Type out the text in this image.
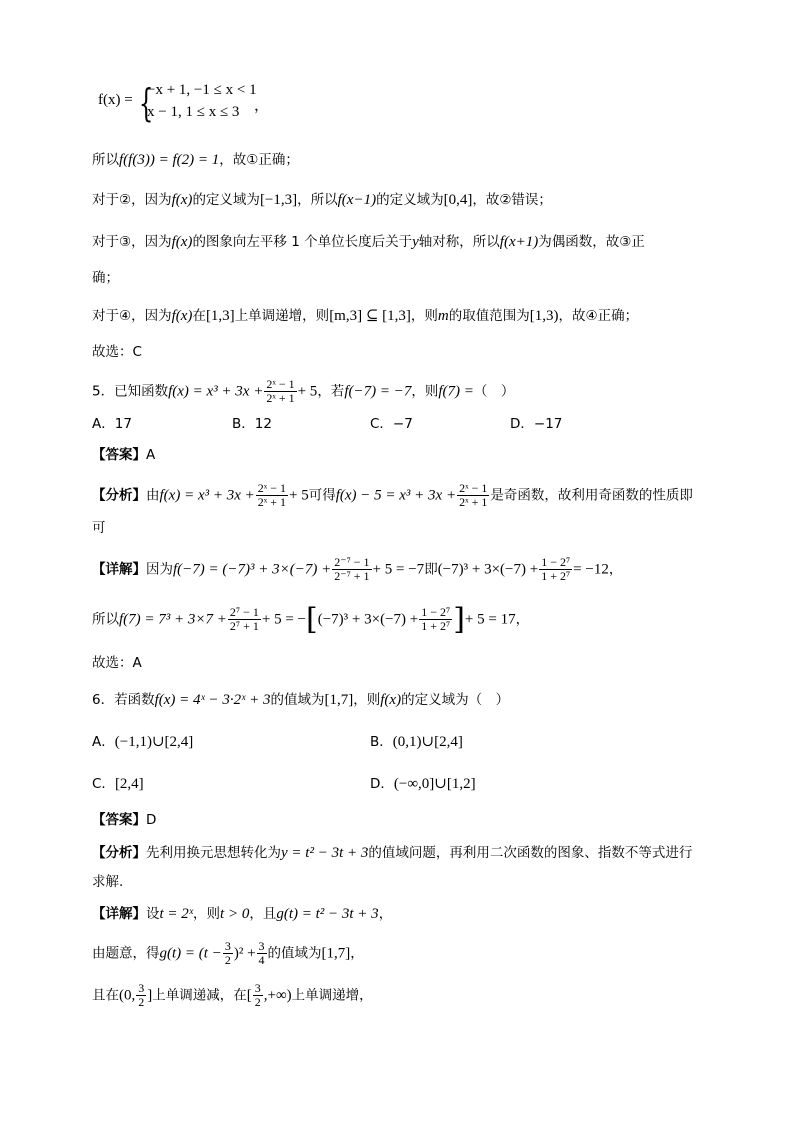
f(x) = {
−x + 1, −1 ≤ x < 1
x − 1, 1 ≤ x ≤ 3 ，
所以f(f(3)) = f(2) = 1，故①正确；
对于②，因为f(x)的定义域为[−1,3]，所以f(x−1)的定义域为[0,4]，故②错误；
对于③，因为f(x)的图象向左平移 1 个单位长度后关于y轴对称，所以f(x+1)为偶函数，故③正
确；
对于④，因为f(x)在[1,3]上单调递增，则[m,3] ⊆ [1,3]，则m的取值范围为[1,3)，故④正确；
故选：C
5．已知函数$f(x) = x^3 + 3x + \frac{\text{2ˣ − 1}}{\text{2ˣ + 1}} + 5$，若f(−7) = −7，则f(7) =（　）
A．17	B．12	C．−7	D．−17
【答案】A
【分析】由$f(x) = x^3 + 3x + \frac{\text{2ˣ − 1}}{\text{2ˣ + 1}} + 5$可得$f(x) - 5 = x^3 + 3x + \frac{\text{2ˣ − 1}}{\text{2ˣ + 1}}$ 是奇函数，故利用奇函数的性质即
可
【详解】因为$f(-7) = (-7)^3 + 3\times(-7) + \frac{\text{2⁻⁷ − 1}}{\text{2⁻⁷ + 1}} + 5 = -7$即$(-7)^3 + 3\times(-7) + \frac{\text{1 − 2⁷}}{\text{1 + 2⁷}} = -12$，
所以$f(7) = 7^3 + 3\times 7 + \frac{\text{2⁷ − 1}}{\text{2⁷ + 1}} + 5 = -[(-7)^3 + 3\times(-7) + \frac{\text{1 − 2⁷}}{\text{1 + 2⁷}}$ ]+ 5 = 17，
故选：A
6．若函数f(x) = 4ˣ − 3·2ˣ + 3的值域为[1,7]，则f(x)的定义域为（　）
A．(−1,1)∪[2,4]	B．(0,1)∪[2,4]
C．[2,4]	D．(−∞,0]∪[1,2]
【答案】D
【分析】先利用换元思想转化为y = t² − 3t + 3的值域问题，再利用二次函数的图象、指数不等式进行
求解.
【详解】设t = 2ˣ，则t > 0，且g(t) = t² − 3t + 3，
由题意，得$g(t) = (t - \frac{3}{2} )^2 + \frac{3}{4}$ 的值域为[1,7]，
且在(0, $\frac{3}{2}$ ]上单调递减，在[ $\frac{3}{2}$ ,+∞)上单调递增，
